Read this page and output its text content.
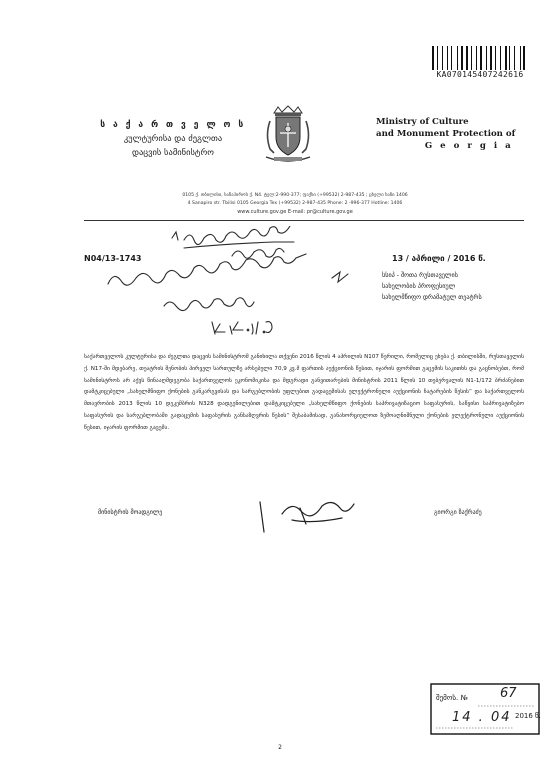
KA070145407242616
ს ა ქ ა რ თ ვ ე ლ ო ს
კულტურისა და ძეგლთა
დაცვის სამინისტრო
Ministry of Culture
and Monument Protection of
G e o r g i a
0105 ქ. თბილისი, სანაპიროს ქ. N4. ტელ:2-990-377; ფაქსი (+99532) 2-987-435 ; ცხელი ხაზი 1406
4 Sanapiro str. Tbilisi 0105 Georgia Tex (+99532) 2-987-435 Phone: 2 -996-377 Hotline: 1406
www.culture.gov.ge E-mail: pr@culture.gov.ge
N04/13-1743	13 / აპრილი / 2016 წ.
სსიპ - შოთა რუსთაველის
სახელობის პროფესიულ
სახელმწიფო დრამატულ თეატრს
საქართველოს კულტურისა და ძეგლთა დაცვის სამინისტრომ განიხილა თქვენი 2016 წლის 4 აპრილის N107 წერილი, რომელიც ეხება ქ. თბილისში, რუსთაველის ქ. N17-ში მდებარე, თეატრის შენობის პირველ სართულზე არსებული 70,9 კვ.მ ფართის აუქციონის წესით, იჯარის ფორმით გაცემის საკითხს და გაცნობებთ, რომ სამინისტროს არ აქვს წინააღმდეგობა საქართველოს ეკონომიკისა და მდგრადი განვითარების მინისტრის 2011 წლის 10 თებერვალის N1-1/172 ბრძანებით დამტკიცებული „სახელმწიფო ქონების განკარგვისას და სარგებლობის უფლებით გადაცემისას ელექტრონული აუქციონის ჩატარების წესის“ და საქართველოს მთავრობის 2013 წლის 10 დეკემბრის N328 დადგენილებით დამტკიცებული „სახელმწიფო ქონების საპრივატიზაციო საფასურის, საწყისი საპრივატიზებო საფასურის და სარგებლობაში გადაცემის საფასურის განსაზღვრის წესის“ შესაბამისად, განახორციელოთ ზემოაღნიშნული ქონების ელექტრონული აუქციონის წესით, იჯარის ფორმით გაცემა.
მინისტრის მოადგილე	გიორგი ზაქრაძე
შემოს. № 67
14 . 04 2016 წ.
2
